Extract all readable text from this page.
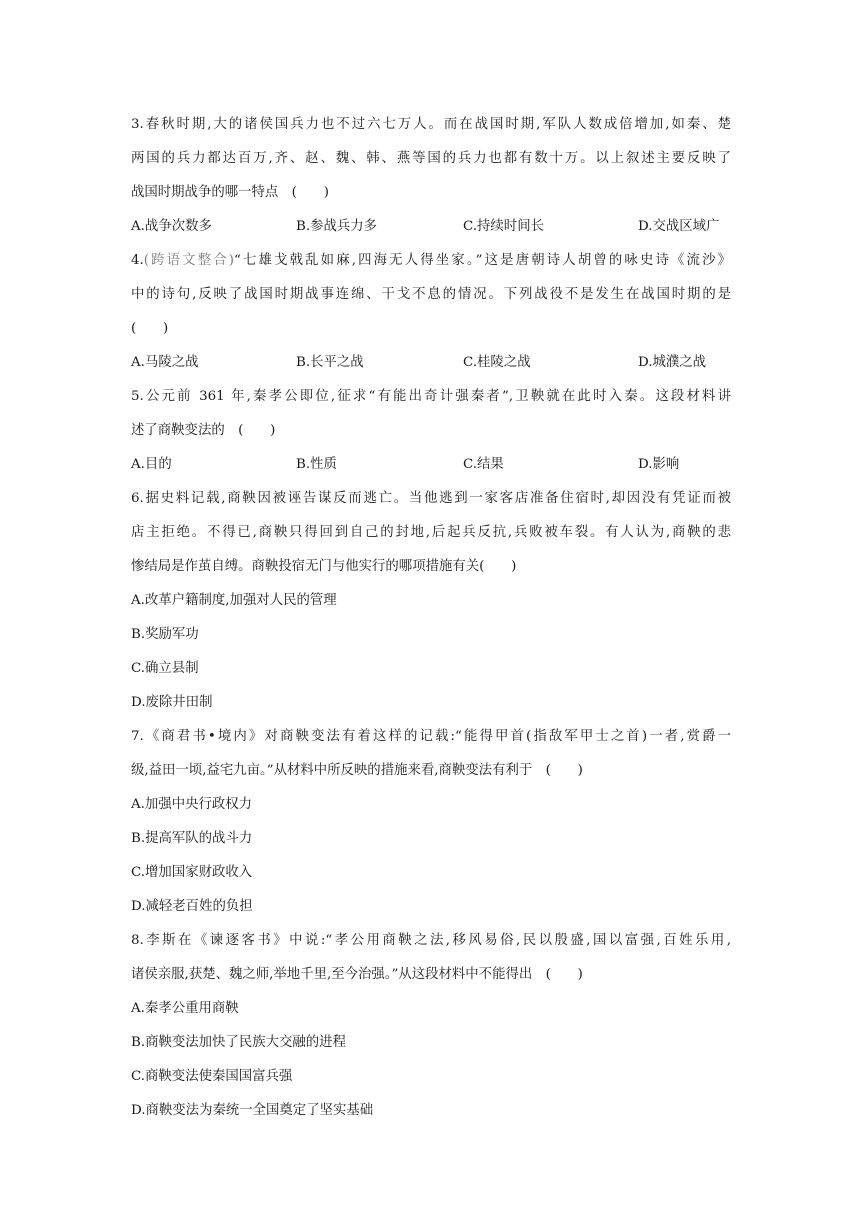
3.春秋时期,大的诸侯国兵力也不过六七万人。而在战国时期,军队人数成倍增加,如秦、楚
两国的兵力都达百万,齐、赵、魏、韩、燕等国的兵力也都有数十万。以上叙述主要反映了
战国时期战争的哪一特点　(　　)
A.战争次数多	B.参战兵力多	C.持续时间长	D.交战区域广
4.(跨语文整合)“七雄戈戟乱如麻,四海无人得坐家。”这是唐朝诗人胡曾的咏史诗《流沙》
中的诗句,反映了战国时期战事连绵、干戈不息的情况。下列战役不是发生在战国时期的是
(　　)
A.马陵之战	B.长平之战	C.桂陵之战	D.城濮之战
5.公元前 361 年,秦孝公即位,征求“有能出奇计强秦者”,卫鞅就在此时入秦。这段材料讲
述了商鞅变法的　(　　)
A.目的	B.性质	C.结果	D.影响
6.据史料记载,商鞅因被诬告谋反而逃亡。当他逃到一家客店准备住宿时,却因没有凭证而被
店主拒绝。不得已,商鞅只得回到自己的封地,后起兵反抗,兵败被车裂。有人认为,商鞅的悲
惨结局是作茧自缚。商鞅投宿无门与他实行的哪项措施有关(　　)
A.改革户籍制度,加强对人民的管理
B.奖励军功
C.确立县制
D.废除井田制
7.《商君书•境内》对商鞅变法有着这样的记载:“能得甲首(指敌军甲士之首)一者,赏爵一
级,益田一顷,益宅九亩。”从材料中所反映的措施来看,商鞅变法有利于　(　　)
A.加强中央行政权力
B.提高军队的战斗力
C.增加国家财政收入
D.减轻老百姓的负担
8.李斯在《谏逐客书》中说:“孝公用商鞅之法,移风易俗,民以殷盛,国以富强,百姓乐用,
诸侯亲服,获楚、魏之师,举地千里,至今治强。”从这段材料中不能得出　(　　)
A.秦孝公重用商鞅
B.商鞅变法加快了民族大交融的进程
C.商鞅变法使秦国国富兵强
D.商鞅变法为秦统一全国奠定了坚实基础
